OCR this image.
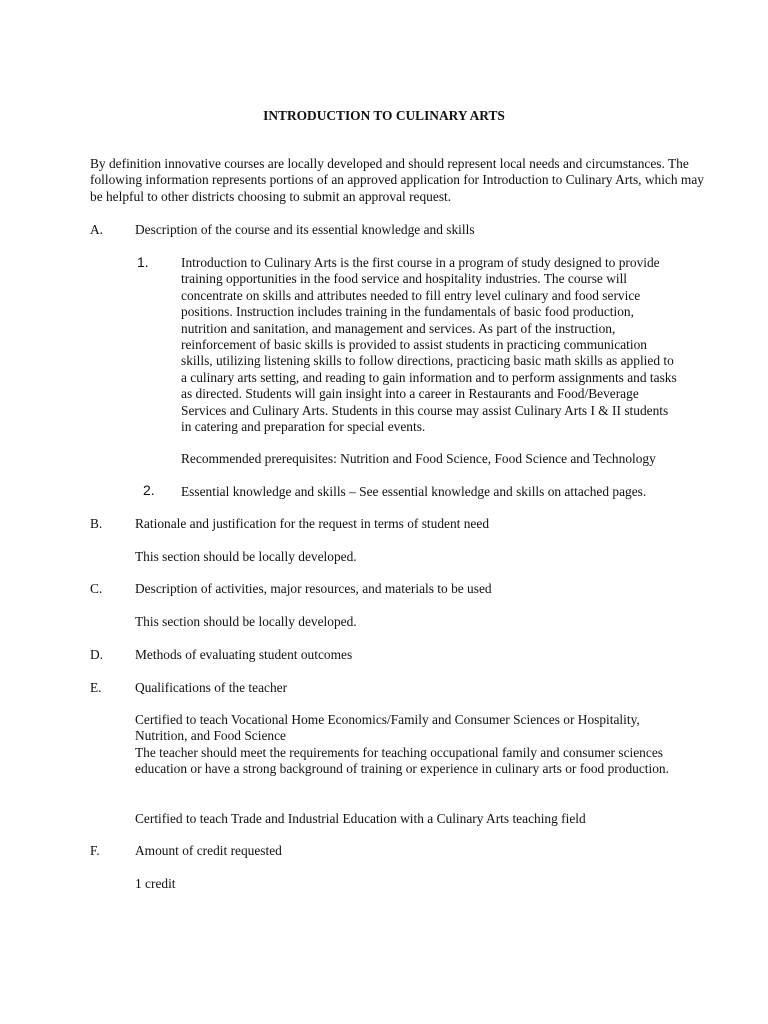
INTRODUCTION TO CULINARY ARTS
By definition innovative courses are locally developed and should represent local needs and circumstances. The following information represents portions of an approved application for Introduction to Culinary Arts, which may be helpful to other districts choosing to submit an approval request.
A. Description of the course and its essential knowledge and skills
1. Introduction to Culinary Arts is the first course in a program of study designed to provide training opportunities in the food service and hospitality industries. The course will concentrate on skills and attributes needed to fill entry level culinary and food service positions. Instruction includes training in the fundamentals of basic food production, nutrition and sanitation, and management and services. As part of the instruction, reinforcement of basic skills is provided to assist students in practicing communication skills, utilizing listening skills to follow directions, practicing basic math skills as applied to a culinary arts setting, and reading to gain information and to perform assignments and tasks as directed. Students will gain insight into a career in Restaurants and Food/Beverage Services and Culinary Arts. Students in this course may assist Culinary Arts I & II students in catering and preparation for special events.
Recommended prerequisites: Nutrition and Food Science, Food Science and Technology
2. Essential knowledge and skills – See essential knowledge and skills on attached pages.
B. Rationale and justification for the request in terms of student need
This section should be locally developed.
C. Description of activities, major resources, and materials to be used
This section should be locally developed.
D. Methods of evaluating student outcomes
E. Qualifications of the teacher
Certified to teach Vocational Home Economics/Family and Consumer Sciences or Hospitality, Nutrition, and Food Science
The teacher should meet the requirements for teaching occupational family and consumer sciences education or have a strong background of training or experience in culinary arts or food production.
Certified to teach Trade and Industrial Education with a Culinary Arts teaching field
F.	Amount of credit requested
1 credit
